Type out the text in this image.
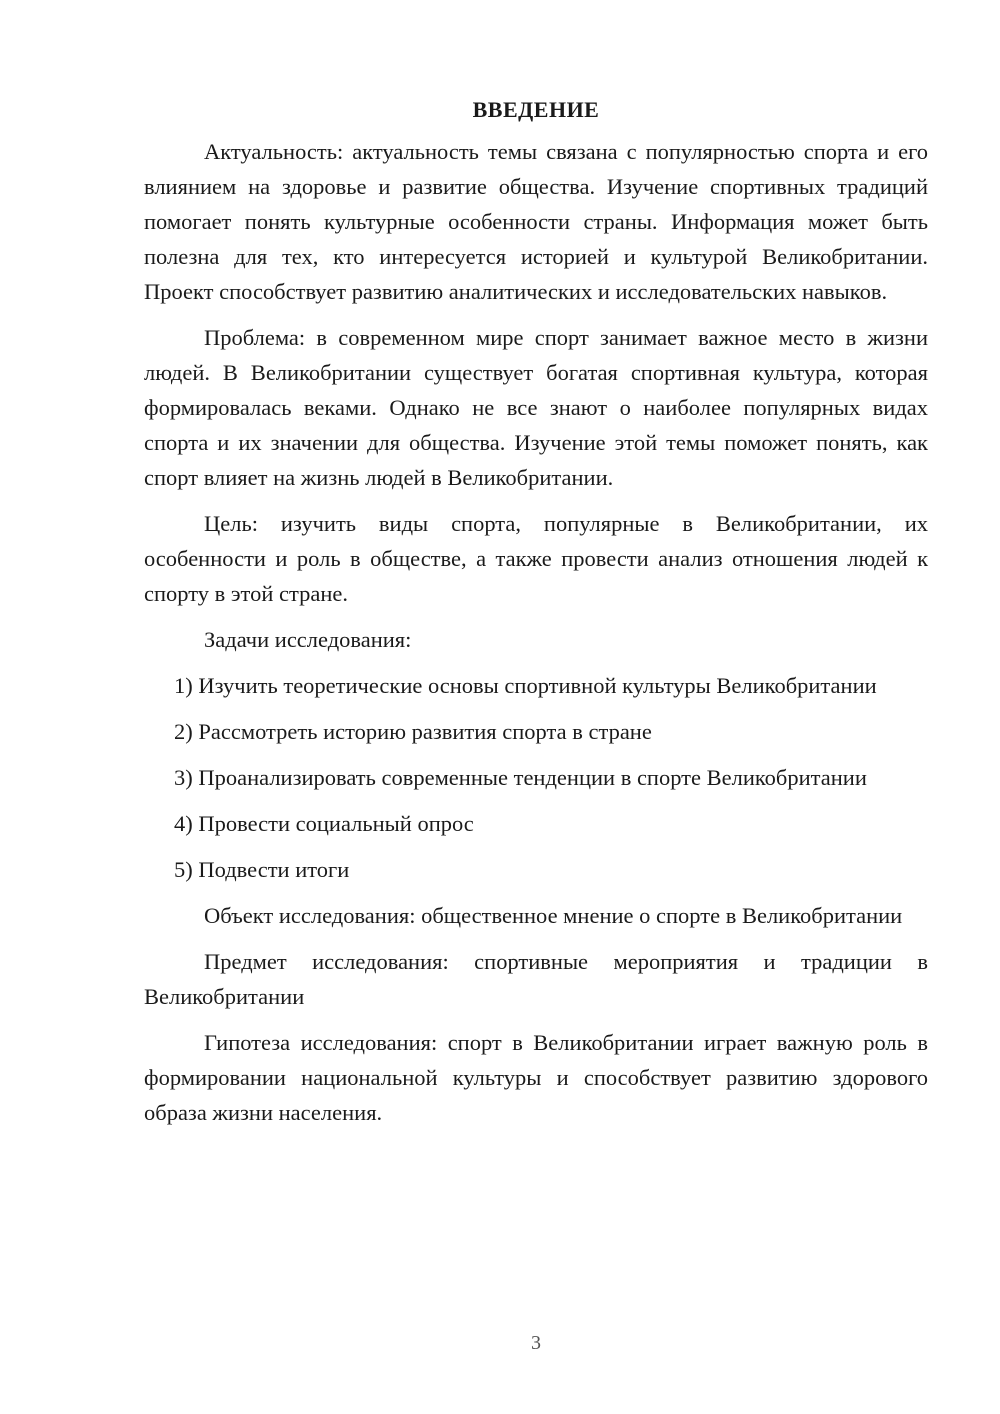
ВВЕДЕНИЕ

Актуальность: актуальность темы связана с популярностью спорта и его влиянием на здоровье и развитие общества. Изучение спортивных традиций помогает понять культурные особенности страны. Информация может быть полезна для тех, кто интересуется историей и культурой Великобритании. Проект способствует развитию аналитических и исследовательских навыков.

Проблема: в современном мире спорт занимает важное место в жизни людей. В Великобритании существует богатая спортивная культура, которая формировалась веками. Однако не все знают о наиболее популярных видах спорта и их значении для общества. Изучение этой темы поможет понять, как спорт влияет на жизнь людей в Великобритании.

Цель: изучить виды спорта, популярные в Великобритании, их особенности и роль в обществе, а также провести анализ отношения людей к спорту в этой стране.

Задачи исследования:

1) Изучить теоретические основы спортивной культуры Великобритании

2) Рассмотреть историю развития спорта в стране

3) Проанализировать современные тенденции в спорте Великобритании

4) Провести социальный опрос

5) Подвести итоги

Объект исследования: общественное мнение о спорте в Великобритании

Предмет исследования: спортивные мероприятия и традиции в Великобритании

Гипотеза исследования: спорт в Великобритании играет важную роль в формировании национальной культуры и способствует развитию здорового образа жизни населения.

3
